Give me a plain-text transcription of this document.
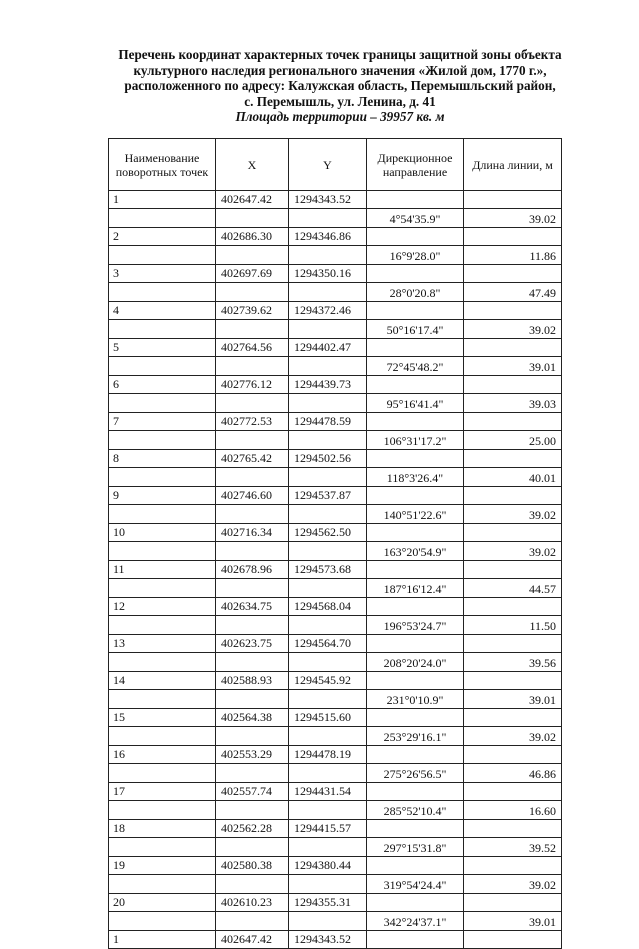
Перечень координат характерных точек границы защитной зоны объекта
культурного наследия регионального значения «Жилой дом, 1770 г.»,
расположенного по адресу: Калужская область, Перемышльский район,
с. Перемышль, ул. Ленина, д. 41
Площадь территории – 39957 кв. м
Наименование поворотных точек	X	Y	Дирекционное направление	Длина линии, м
1	402647.42	1294343.52		
			4°54'35.9"	39.02
2	402686.30	1294346.86		
			16°9'28.0"	11.86
3	402697.69	1294350.16		
			28°0'20.8"	47.49
4	402739.62	1294372.46		
			50°16'17.4"	39.02
5	402764.56	1294402.47		
			72°45'48.2"	39.01
6	402776.12	1294439.73		
			95°16'41.4"	39.03
7	402772.53	1294478.59		
			106°31'17.2"	25.00
8	402765.42	1294502.56		
			118°3'26.4"	40.01
9	402746.60	1294537.87		
			140°51'22.6"	39.02
10	402716.34	1294562.50		
			163°20'54.9"	39.02
11	402678.96	1294573.68		
			187°16'12.4"	44.57
12	402634.75	1294568.04		
			196°53'24.7"	11.50
13	402623.75	1294564.70		
			208°20'24.0"	39.56
14	402588.93	1294545.92		
			231°0'10.9"	39.01
15	402564.38	1294515.60		
			253°29'16.1"	39.02
16	402553.29	1294478.19		
			275°26'56.5"	46.86
17	402557.74	1294431.54		
			285°52'10.4"	16.60
18	402562.28	1294415.57		
			297°15'31.8"	39.52
19	402580.38	1294380.44		
			319°54'24.4"	39.02
20	402610.23	1294355.31		
			342°24'37.1"	39.01
1	402647.42	1294343.52		
